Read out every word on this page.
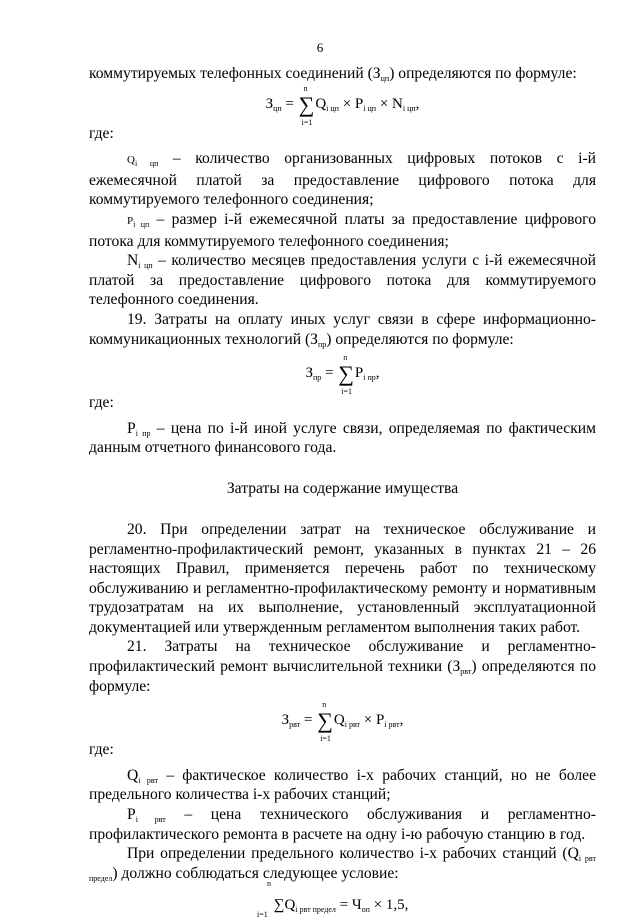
6

коммутируемых телефонных соединений $(З_{цп})$ определяются по формуле:

$З_{цп}$ =
n
∑
i=1
$Q_{i цп} \times P_{i цп} \times N_{i цп}$,

где:

$Q_{i цп}$ – количество организованных цифровых потоков с i-й ежемесячной платой за предоставление цифрового потока для коммутируемого телефонного соединения;

$P_{i цп}$ – размер i-й ежемесячной платы за предоставление цифрового потока для коммутируемого телефонного соединения;

$N_{i цп}$ – количество месяцев предоставления услуги с i-й ежемесячной платой за предоставление цифрового потока для коммутируемого телефонного соединения.

19. Затраты на оплату иных услуг связи в сфере информационно-коммуникационных технологий $(З_{пр})$ определяются по формуле:

$З_{пр}$ =
n
∑
i=1
$P_{i пр}$,

где:

$P_{i пр}$ – цена по i-й иной услуге связи, определяемая по фактическим данным отчетного финансового года.

Затраты на содержание имущества

20. При определении затрат на техническое обслуживание и регламентно-профилактический ремонт, указанных в пунктах 21 – 26 настоящих Правил, применяется перечень работ по техническому обслуживанию и регламентно-профилактическому ремонту и нормативным трудозатратам на их выполнение, установленный эксплуатационной документацией или утвержденным регламентом выполнения таких работ.

21. Затраты на техническое обслуживание и регламентно-профилактический ремонт вычислительной техники $(З_{рвт})$ определяются по формуле:

$З_{рвт}$ =
n
∑
i=1
$Q_{i рвт} \times P_{i рвт}$,

где:

$Q_{i рвт}$ – фактическое количество i-х рабочих станций, но не более предельного количества i-х рабочих станций;

$P_{i рвт}$ – цена технического обслуживания и регламентно-профилактического ремонта в расчете на одну i-ю рабочую станцию в год.

При определении предельного количество i-х рабочих станций $(Q_{i рвт предел})$ должно соблюдаться следующее условие:

n
$_{i=1}\sum Q_{i рвт предел} = Ч_{оп} \times 1,5$,
